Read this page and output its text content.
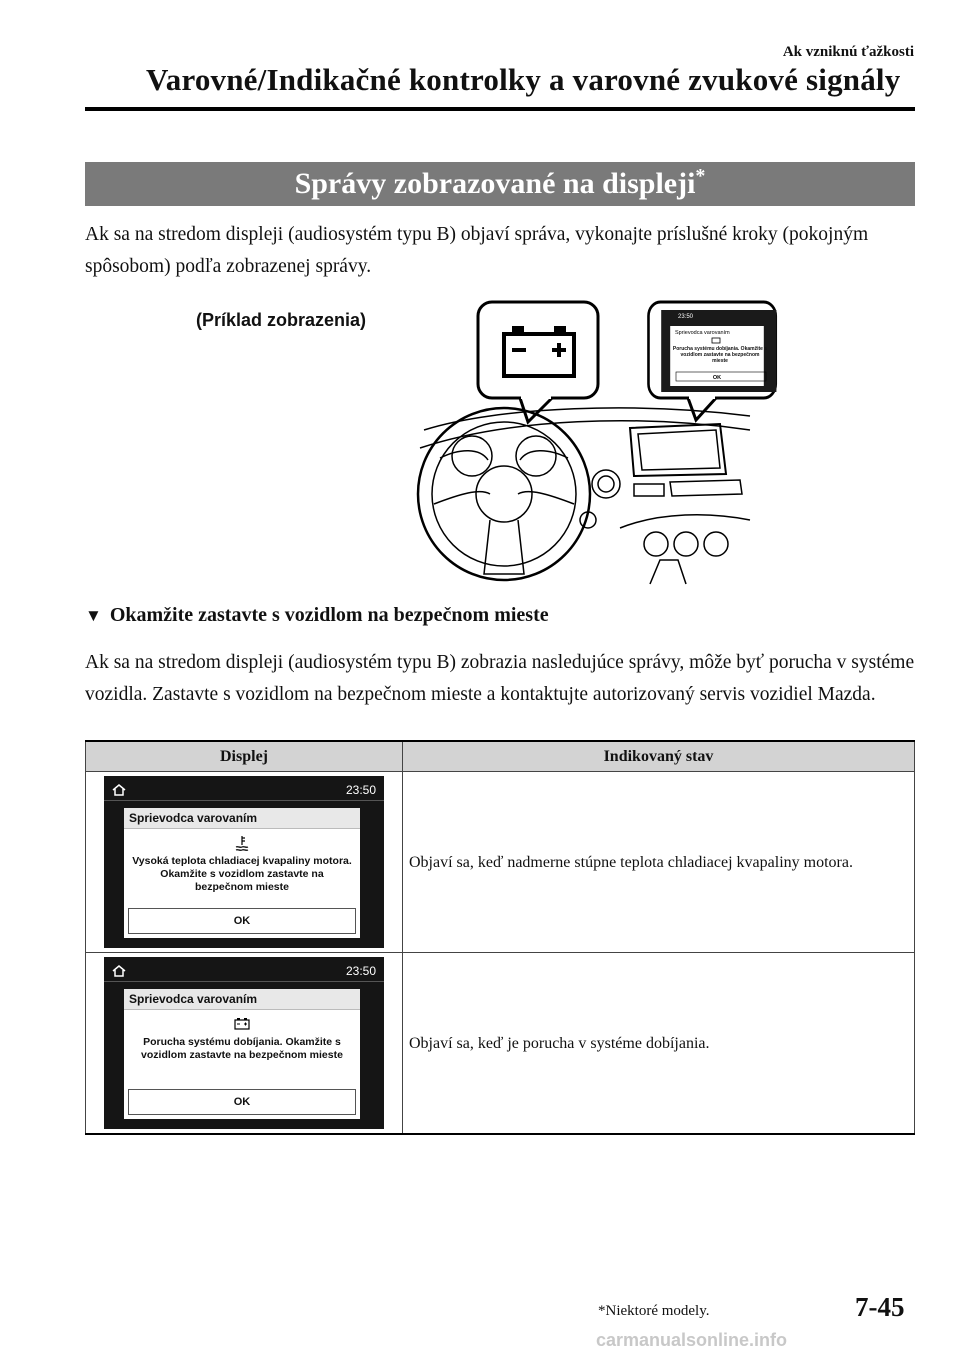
Ak vzniknú ťažkosti
Varovné/Indikačné kontrolky a varovné zvukové signály
Správy zobrazované na displeji*
Ak sa na stredom displeji (audiosystém typu B) objaví správa, vykonajte príslušné kroky (pokojným spôsobom) podľa zobrazenej správy.
(Príklad zobrazenia)	23:50
Sprievodca varovaním
Porucha systému dobíjania. Okamžite s vozidlom zastavte na bezpečnom mieste
OK
▼ Okamžite zastavte s vozidlom na bezpečnom mieste
Ak sa na stredom displeji (audiosystém typu B) zobrazia nasledujúce správy, môže byť porucha v systéme vozidla. Zastavte s vozidlom na bezpečnom mieste a kontaktujte autorizovaný servis vozidiel Mazda.
Displej	Indikovaný stav

23:50
Sprievodca varovaním
Vysoká teplota chladiacej kvapaliny motora. Okamžite s vozidlom zastavte na bezpečnom mieste
OK	Objaví sa, keď nadmerne stúpne teplota chladiacej kvapaliny motora.

23:50
Sprievodca varovaním
Porucha systému dobíjania. Okamžite s vozidlom zastavte na bezpečnom mieste
OK	Objaví sa, keď je porucha v systéme dobíjania.
*Niektoré modely.	7-45
carmanualsonline.info
